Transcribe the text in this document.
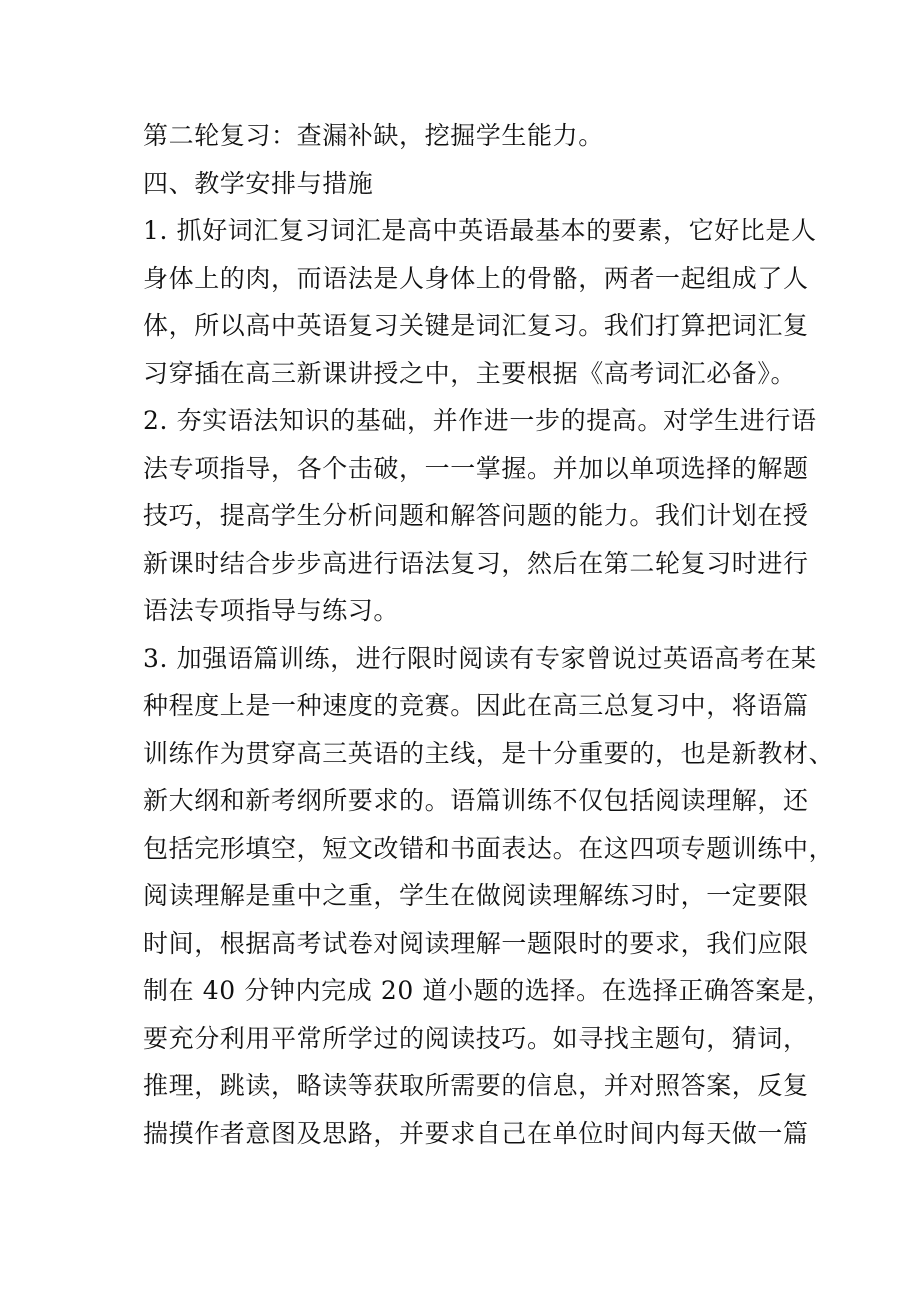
第二轮复习：查漏补缺，挖掘学生能力。
四、教学安排与措施
1. 抓好词汇复习词汇是高中英语最基本的要素，它好比是人
身体上的肉，而语法是人身体上的骨骼，两者一起组成了人
体，所以高中英语复习关键是词汇复习。我们打算把词汇复
习穿插在高三新课讲授之中，主要根据《高考词汇必备》。
2. 夯实语法知识的基础，并作进一步的提高。对学生进行语
法专项指导，各个击破，一一掌握。并加以单项选择的解题
技巧，提高学生分析问题和解答问题的能力。我们计划在授
新课时结合步步高进行语法复习，然后在第二轮复习时进行
语法专项指导与练习。
3. 加强语篇训练，进行限时阅读有专家曾说过英语高考在某
种程度上是一种速度的竞赛。因此在高三总复习中，将语篇
训练作为贯穿高三英语的主线，是十分重要的，也是新教材、
新大纲和新考纲所要求的。语篇训练不仅包括阅读理解，还
包括完形填空，短文改错和书面表达。在这四项专题训练中，
阅读理解是重中之重，学生在做阅读理解练习时，一定要限
时间，根据高考试卷对阅读理解一题限时的要求，我们应限
制在 40 分钟内完成 20 道小题的选择。在选择正确答案是，
要充分利用平常所学过的阅读技巧。如寻找主题句，猜词，
推理，跳读，略读等获取所需要的信息，并对照答案，反复
揣摸作者意图及思路，并要求自己在单位时间内每天做一篇
